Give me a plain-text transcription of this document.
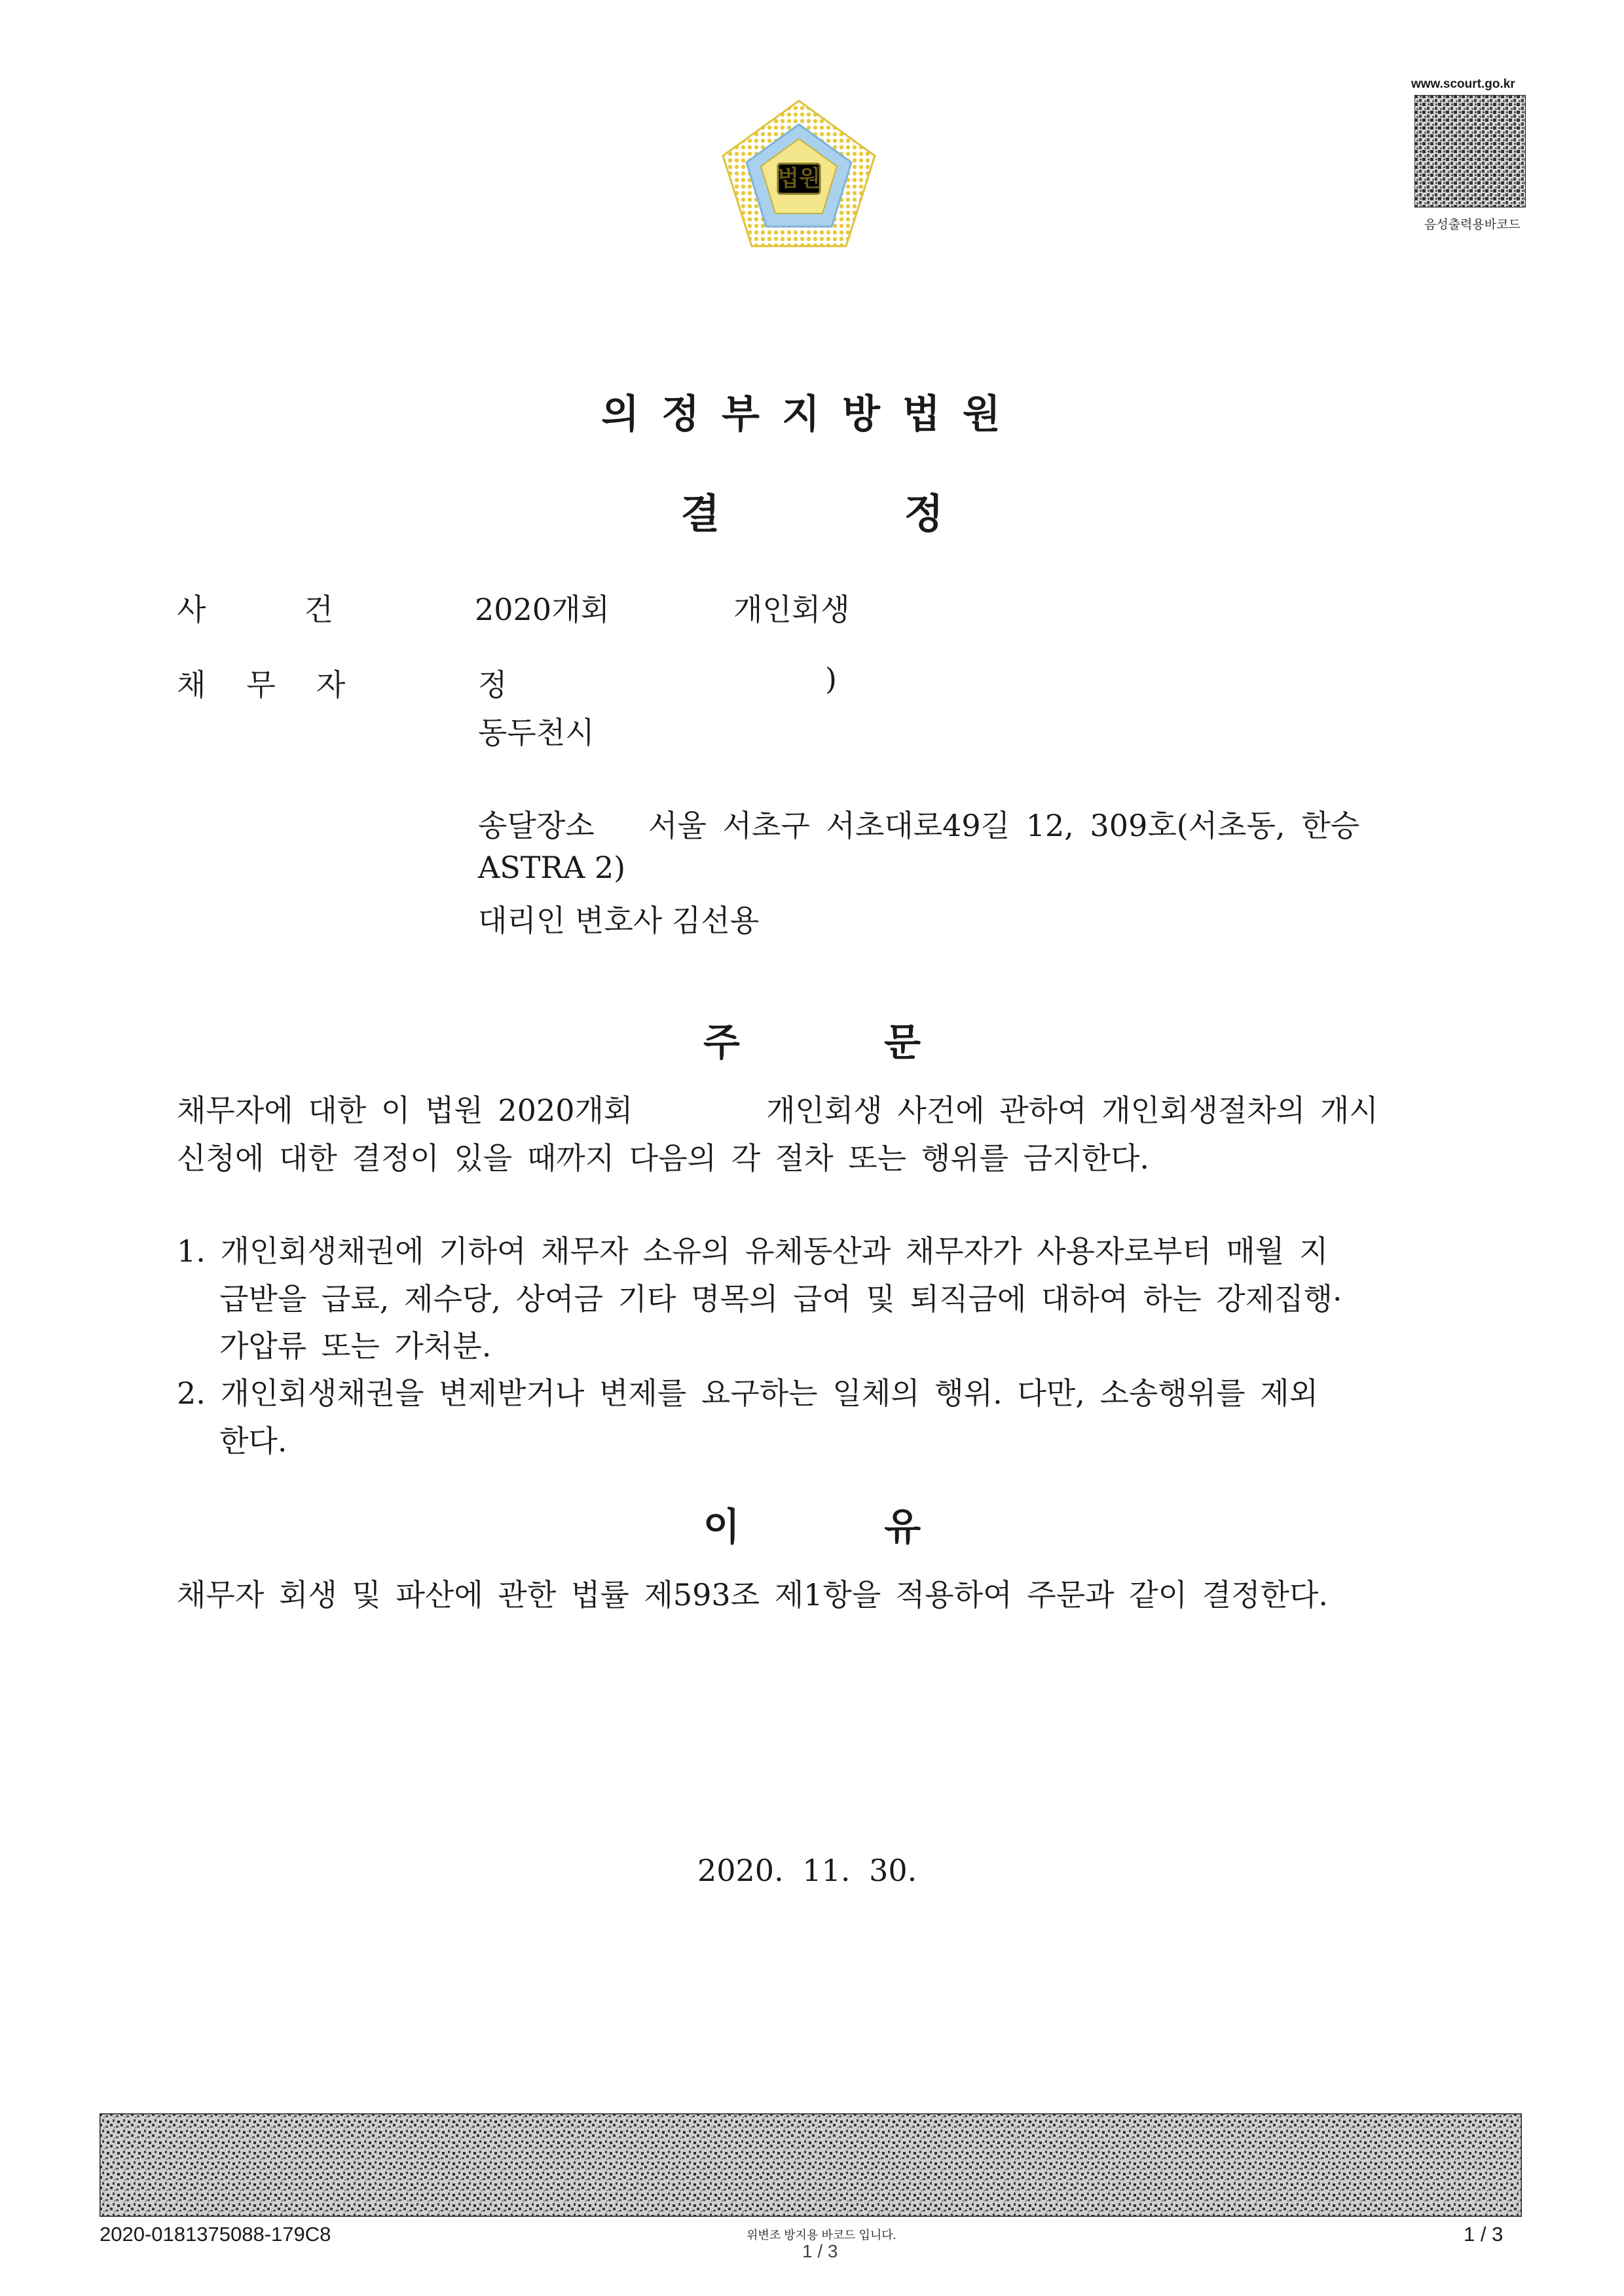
법원
www.scourt.go.kr
음성출력용바코드
의정부지방법원
결 정
사건 2020개회	개인회생
채무자	정	)
동두천시
송달장소 서울 서초구 서초대로49길 12, 309호(서초동, 한승
ASTRA 2)
대리인 변호사 김선용
주 문
채무자에 대한 이 법원 2020개회	개인회생 사건에 관하여 개인회생절차의 개시
신청에 대한 결정이 있을 때까지 다음의 각 절차 또는 행위를 금지한다.
1. 개인회생채권에 기하여 채무자 소유의 유체동산과 채무자가 사용자로부터 매월 지
급받을 급료, 제수당, 상여금 기타 명목의 급여 및 퇴직금에 대하여 하는 강제집행·
가압류 또는 가처분.
2. 개인회생채권을 변제받거나 변제를 요구하는 일체의 행위. 다만, 소송행위를 제외
한다.
이 유
채무자 회생 및 파산에 관한 법률 제593조 제1항을 적용하여 주문과 같이 결정한다.
2020. 11. 30.
2020-0181375088-179C8	위변조 방지용 바코드 입니다.
1 / 3
1 / 3
